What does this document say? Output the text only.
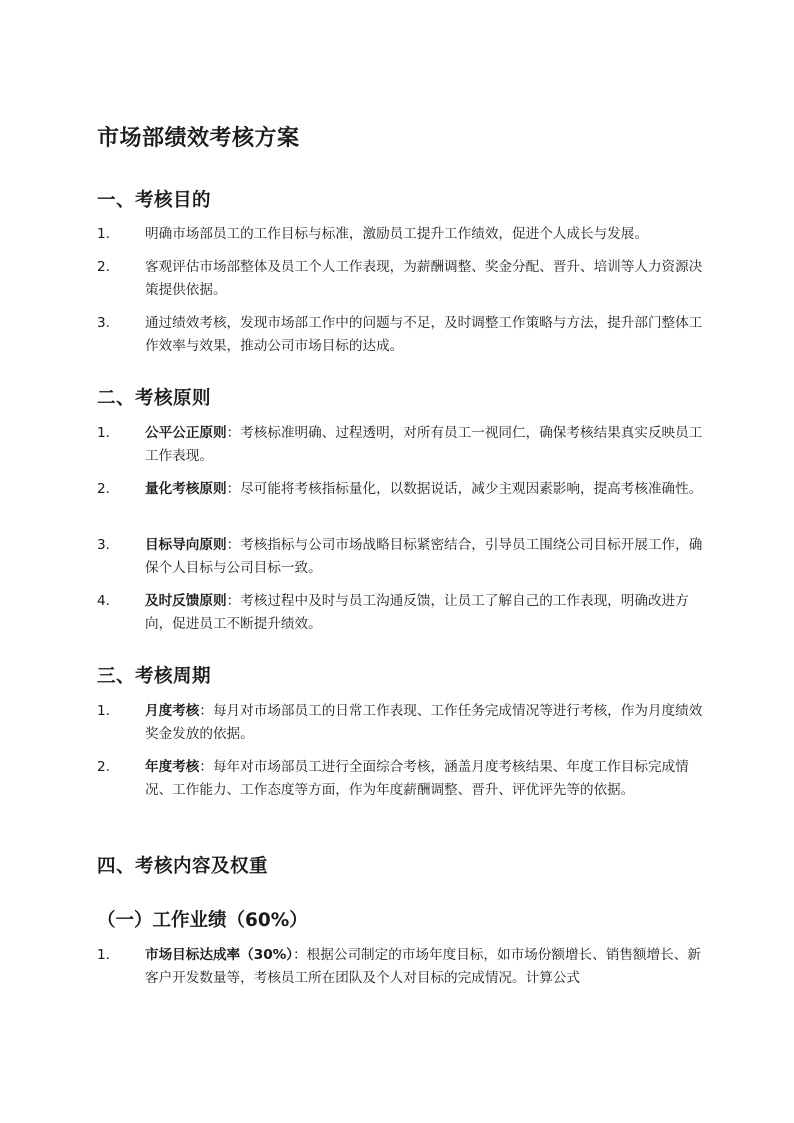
市场部绩效考核方案
一、考核目的
1.	明确市场部员工的工作目标与标准，激励员工提升工作绩效，促进个人成长与发展。
2.	客观评估市场部整体及员工个人工作表现，为薪酬调整、奖金分配、晋升、培训等人力资源决策提供依据。
3.	通过绩效考核，发现市场部工作中的问题与不足，及时调整工作策略与方法，提升部门整体工作效率与效果，推动公司市场目标的达成。
二、考核原则
1.	公平公正原则：考核标准明确、过程透明，对所有员工一视同仁，确保考核结果真实反映员工工作表现。
2.	量化考核原则：尽可能将考核指标量化，以数据说话，减少主观因素影响，提高考核准确性。
3.	目标导向原则：考核指标与公司市场战略目标紧密结合，引导员工围绕公司目标开展工作，确保个人目标与公司目标一致。
4.	及时反馈原则：考核过程中及时与员工沟通反馈，让员工了解自己的工作表现，明确改进方向，促进员工不断提升绩效。
三、考核周期
1.	月度考核：每月对市场部员工的日常工作表现、工作任务完成情况等进行考核，作为月度绩效奖金发放的依据。
2.	年度考核：每年对市场部员工进行全面综合考核，涵盖月度考核结果、年度工作目标完成情况、工作能力、工作态度等方面，作为年度薪酬调整、晋升、评优评先等的依据。
四、考核内容及权重
（一）工作业绩（60%）
1.	市场目标达成率（30%）：根据公司制定的市场年度目标，如市场份额增长、销售额增长、新客户开发数量等，考核员工所在团队及个人对目标的完成情况。计算公式
